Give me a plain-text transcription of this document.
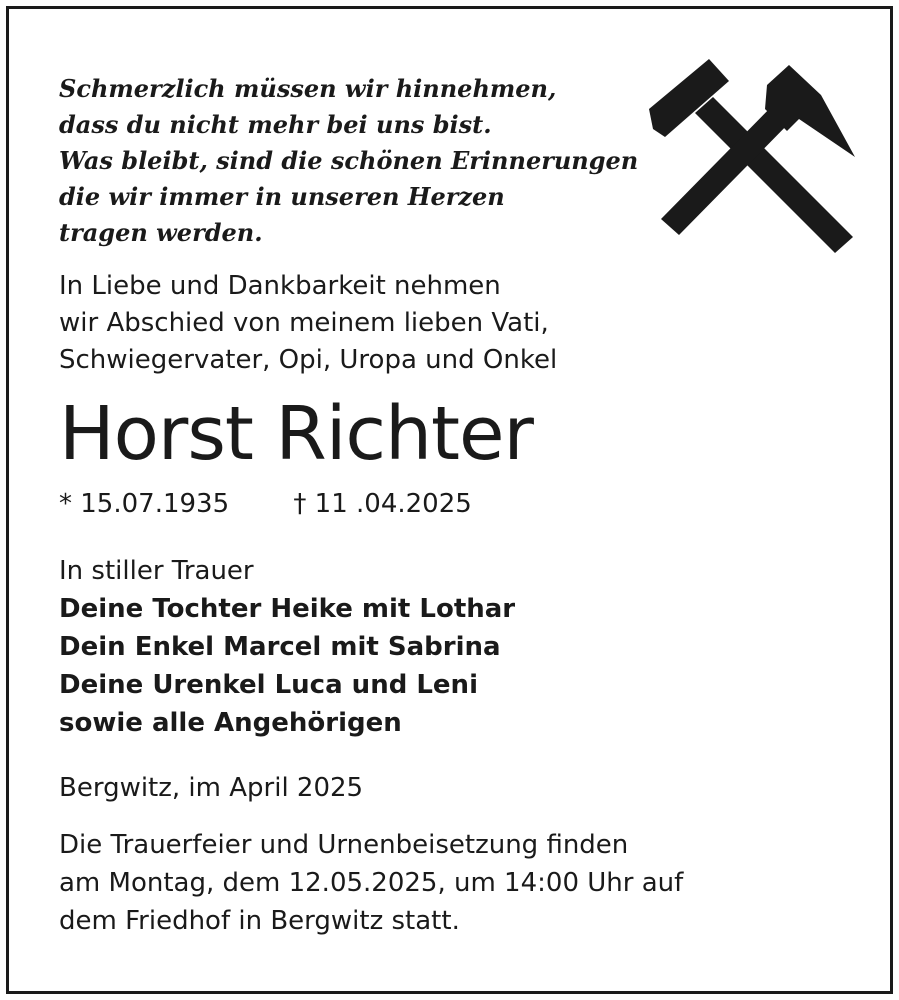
Schmerzlich müssen wir hinnehmen,
dass du nicht mehr bei uns bist.
Was bleibt, sind die schönen Erinnerungen
die wir immer in unseren Herzen
tragen werden.
In Liebe und Dankbarkeit nehmen
wir Abschied von meinem lieben Vati,
Schwiegervater, Opi, Uropa und Onkel
Horst Richter
* 15.07.1935 † 11 .04.2025
In stiller Trauer
Deine Tochter Heike mit Lothar
Dein Enkel Marcel mit Sabrina
Deine Urenkel Luca und Leni
sowie alle Angehörigen
Bergwitz, im April 2025
Die Trauerfeier und Urnenbeisetzung finden
am Montag, dem 12.05.2025, um 14:00 Uhr auf
dem Friedhof in Bergwitz statt.
